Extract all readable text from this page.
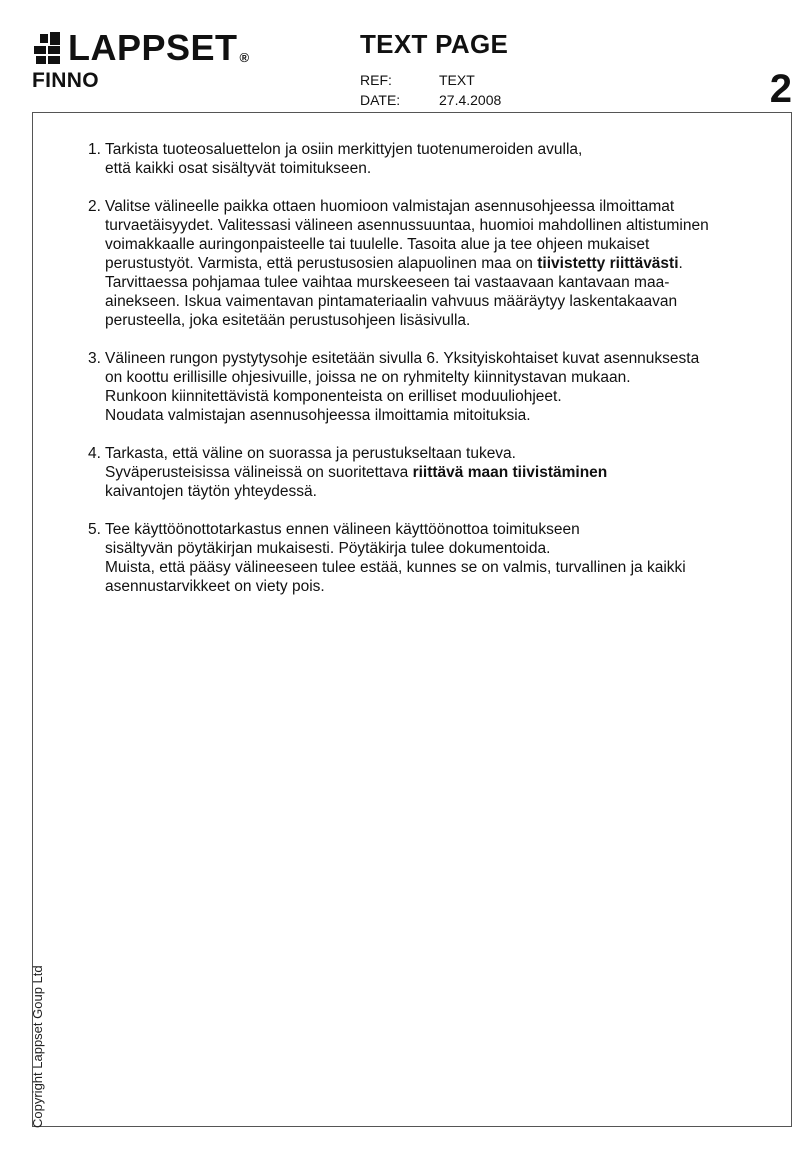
LAPPSET ®
FINNO
TEXT PAGE
REF:	TEXT
DATE:	27.4.2008	2
1. Tarkista tuoteosaluettelon ja osiin merkittyjen tuotenumeroiden avulla,
että kaikki osat sisältyvät toimitukseen.
2. Valitse välineelle paikka ottaen huomioon valmistajan asennusohjeessa ilmoittamat
turvaetäisyydet. Valitessasi välineen asennussuuntaa, huomioi mahdollinen altistuminen
voimakkaalle auringonpaisteelle tai tuulelle. Tasoita alue ja tee ohjeen mukaiset
perustustyöt. Varmista, että perustusosien alapuolinen maa on tiivistetty riittävästi.
Tarvittaessa pohjamaa tulee vaihtaa murskeeseen tai vastaavaan kantavaan maa-
ainekseen. Iskua vaimentavan pintamateriaalin vahvuus määräytyy laskentakaavan
perusteella, joka esitetään perustusohjeen lisäsivulla.
3. Välineen rungon pystytysohje esitetään sivulla 6. Yksityiskohtaiset kuvat asennuksesta
on koottu erillisille ohjesivuille, joissa ne on ryhmitelty kiinnitystavan mukaan.
Runkoon kiinnitettävistä komponenteista on erilliset moduuliohjeet.
Noudata valmistajan asennusohjeessa ilmoittamia mitoituksia.
4. Tarkasta, että väline on suorassa ja perustukseltaan tukeva.
Syväperusteisissa välineissä on suoritettava riittävä maan tiivistäminen
kaivantojen täytön yhteydessä.
5. Tee käyttöönottotarkastus ennen välineen käyttöönottoa toimitukseen
sisältyvän pöytäkirjan mukaisesti. Pöytäkirja tulee dokumentoida.
Muista, että pääsy välineeseen tulee estää, kunnes se on valmis, turvallinen ja kaikki
asennustarvikkeet on viety pois.
Copyright Lappset Goup Ltd
